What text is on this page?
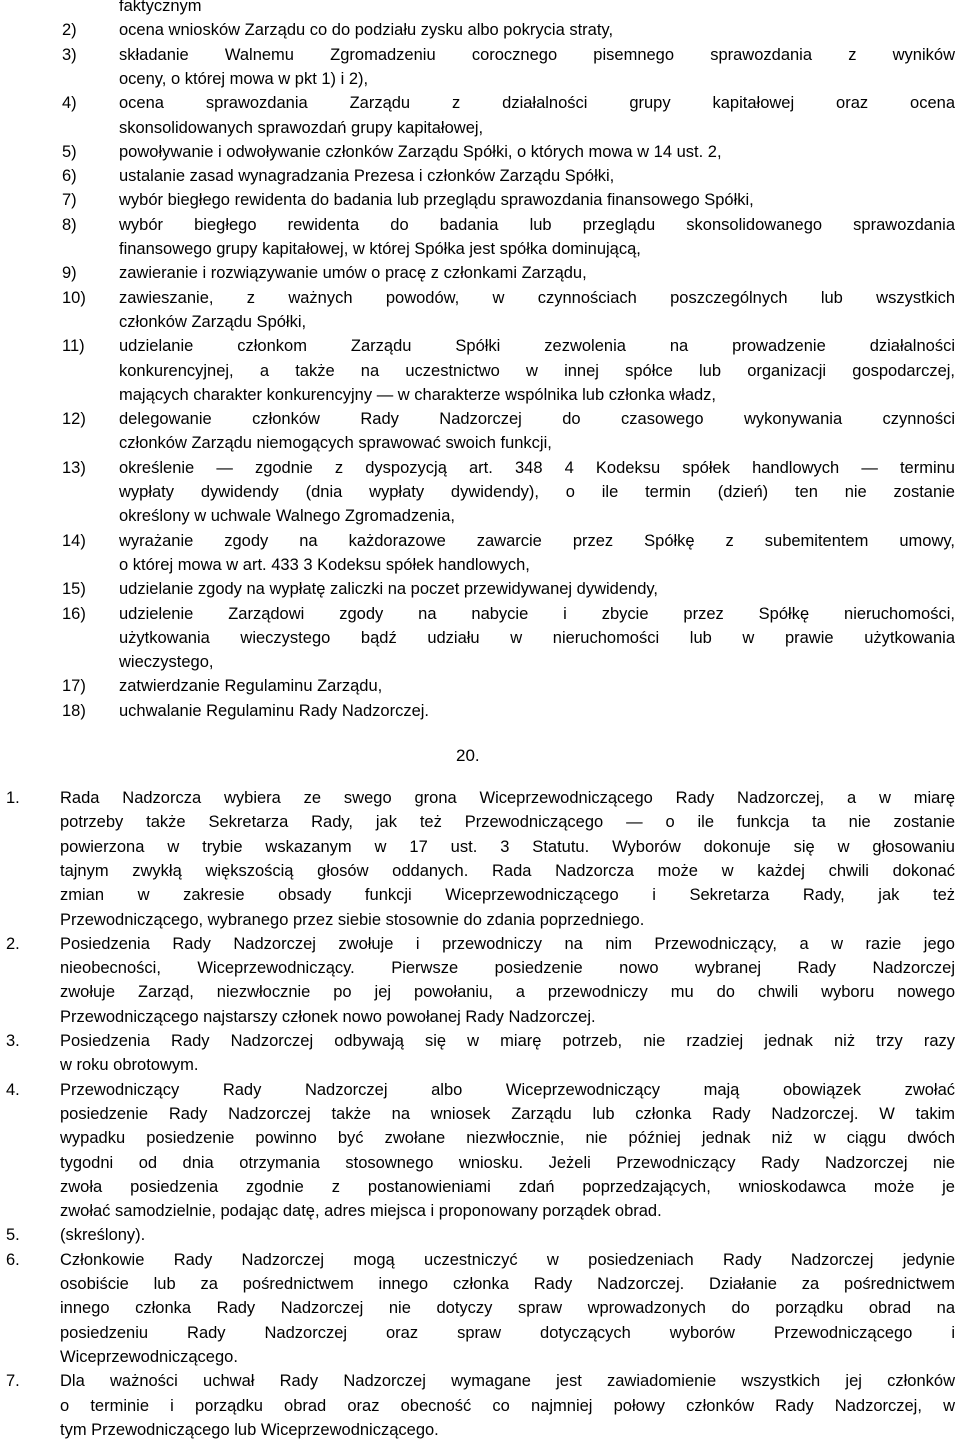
faktycznym
2)	ocena wniosków Zarządu co do podziału zysku albo pokrycia straty,
3)	składanie Walnemu Zgromadzeniu corocznego pisemnego sprawozdania z wyników
oceny, o której mowa w pkt 1) i 2),
4)	ocena sprawozdania Zarządu z działalności grupy kapitałowej oraz ocena
skonsolidowanych sprawozdań grupy kapitałowej,
5)	powoływanie i odwoływanie członków Zarządu Spółki, o których mowa w 14 ust. 2,
6)	ustalanie zasad wynagradzania Prezesa i członków Zarządu Spółki,
7)	wybór biegłego rewidenta do badania lub przeglądu sprawozdania finansowego Spółki,
8)	wybór biegłego rewidenta do badania lub przeglądu skonsolidowanego sprawozdania
finansowego grupy kapitałowej, w której Spółka jest spółka dominującą,
9)	zawieranie i rozwiązywanie umów o pracę z członkami Zarządu,
10) zawieszanie, z ważnych powodów, w czynnościach poszczególnych lub wszystkich
członków Zarządu Spółki,
11) udzielanie członkom Zarządu Spółki zezwolenia na prowadzenie działalności
konkurencyjnej, a także na uczestnictwo w innej spółce lub organizacji gospodarczej,
mających charakter konkurencyjny — w charakterze wspólnika lub członka władz,
12) delegowanie członków Rady Nadzorczej do czasowego wykonywania czynności
członków Zarządu niemogących sprawować swoich funkcji,
13) określenie — zgodnie z dyspozycją art. 348 4 Kodeksu spółek handlowych — terminu
wypłaty dywidendy (dnia wypłaty dywidendy), o ile termin (dzień) ten nie zostanie
określony w uchwale Walnego Zgromadzenia,
14) wyrażanie zgody na każdorazowe zawarcie przez Spółkę z subemitentem umowy,
o której mowa w art. 433 3 Kodeksu spółek handlowych,
15) udzielanie zgody na wypłatę zaliczki na poczet przewidywanej dywidendy,
16) udzielenie Zarządowi zgody na nabycie i zbycie przez Spółkę nieruchomości,
użytkowania wieczystego bądź udziału w nieruchomości lub w prawie użytkowania
wieczystego,
17) zatwierdzanie Regulaminu Zarządu,
18) uchwalanie Regulaminu Rady Nadzorczej.
20.
1. Rada Nadzorcza wybiera ze swego grona Wiceprzewodniczącego Rady Nadzorczej, a w miarę
potrzeby także Sekretarza Rady, jak też Przewodniczącego — o ile funkcja ta nie zostanie
powierzona w trybie wskazanym w 17 ust. 3 Statutu. Wyborów dokonuje się w głosowaniu
tajnym zwykłą większością głosów oddanych. Rada Nadzorcza może w każdej chwili dokonać
zmian w zakresie obsady funkcji Wiceprzewodniczącego i Sekretarza Rady, jak też
Przewodniczącego, wybranego przez siebie stosownie do zdania poprzedniego.
2. Posiedzenia Rady Nadzorczej zwołuje i przewodniczy na nim Przewodniczący, a w razie jego
nieobecności, Wiceprzewodniczący. Pierwsze posiedzenie nowo wybranej Rady Nadzorczej
zwołuje Zarząd, niezwłocznie po jej powołaniu, a przewodniczy mu do chwili wyboru nowego
Przewodniczącego najstarszy członek nowo powołanej Rady Nadzorczej.
3. Posiedzenia Rady Nadzorczej odbywają się w miarę potrzeb, nie rzadziej jednak niż trzy razy
w roku obrotowym.
4. Przewodniczący Rady Nadzorczej albo Wiceprzewodniczący mają obowiązek zwołać
posiedzenie Rady Nadzorczej także na wniosek Zarządu lub członka Rady Nadzorczej. W takim
wypadku posiedzenie powinno być zwołane niezwłocznie, nie później jednak niż w ciągu dwóch
tygodni od dnia otrzymania stosownego wniosku. Jeżeli Przewodniczący Rady Nadzorczej nie
zwoła posiedzenia zgodnie z postanowieniami zdań poprzedzających, wnioskodawca może je
zwołać samodzielnie, podając datę, adres miejsca i proponowany porządek obrad.
5. (skreślony).
6. Członkowie Rady Nadzorczej mogą uczestniczyć w posiedzeniach Rady Nadzorczej jedynie
osobiście lub za pośrednictwem innego członka Rady Nadzorczej. Działanie za pośrednictwem
innego członka Rady Nadzorczej nie dotyczy spraw wprowadzonych do porządku obrad na
posiedzeniu Rady Nadzorczej oraz spraw dotyczących wyborów Przewodniczącego i
Wiceprzewodniczącego.
7. Dla ważności uchwał Rady Nadzorczej wymagane jest zawiadomienie wszystkich jej członków
o terminie i porządku obrad oraz obecność co najmniej połowy członków Rady Nadzorczej, w
tym Przewodniczącego lub Wiceprzewodniczącego.
